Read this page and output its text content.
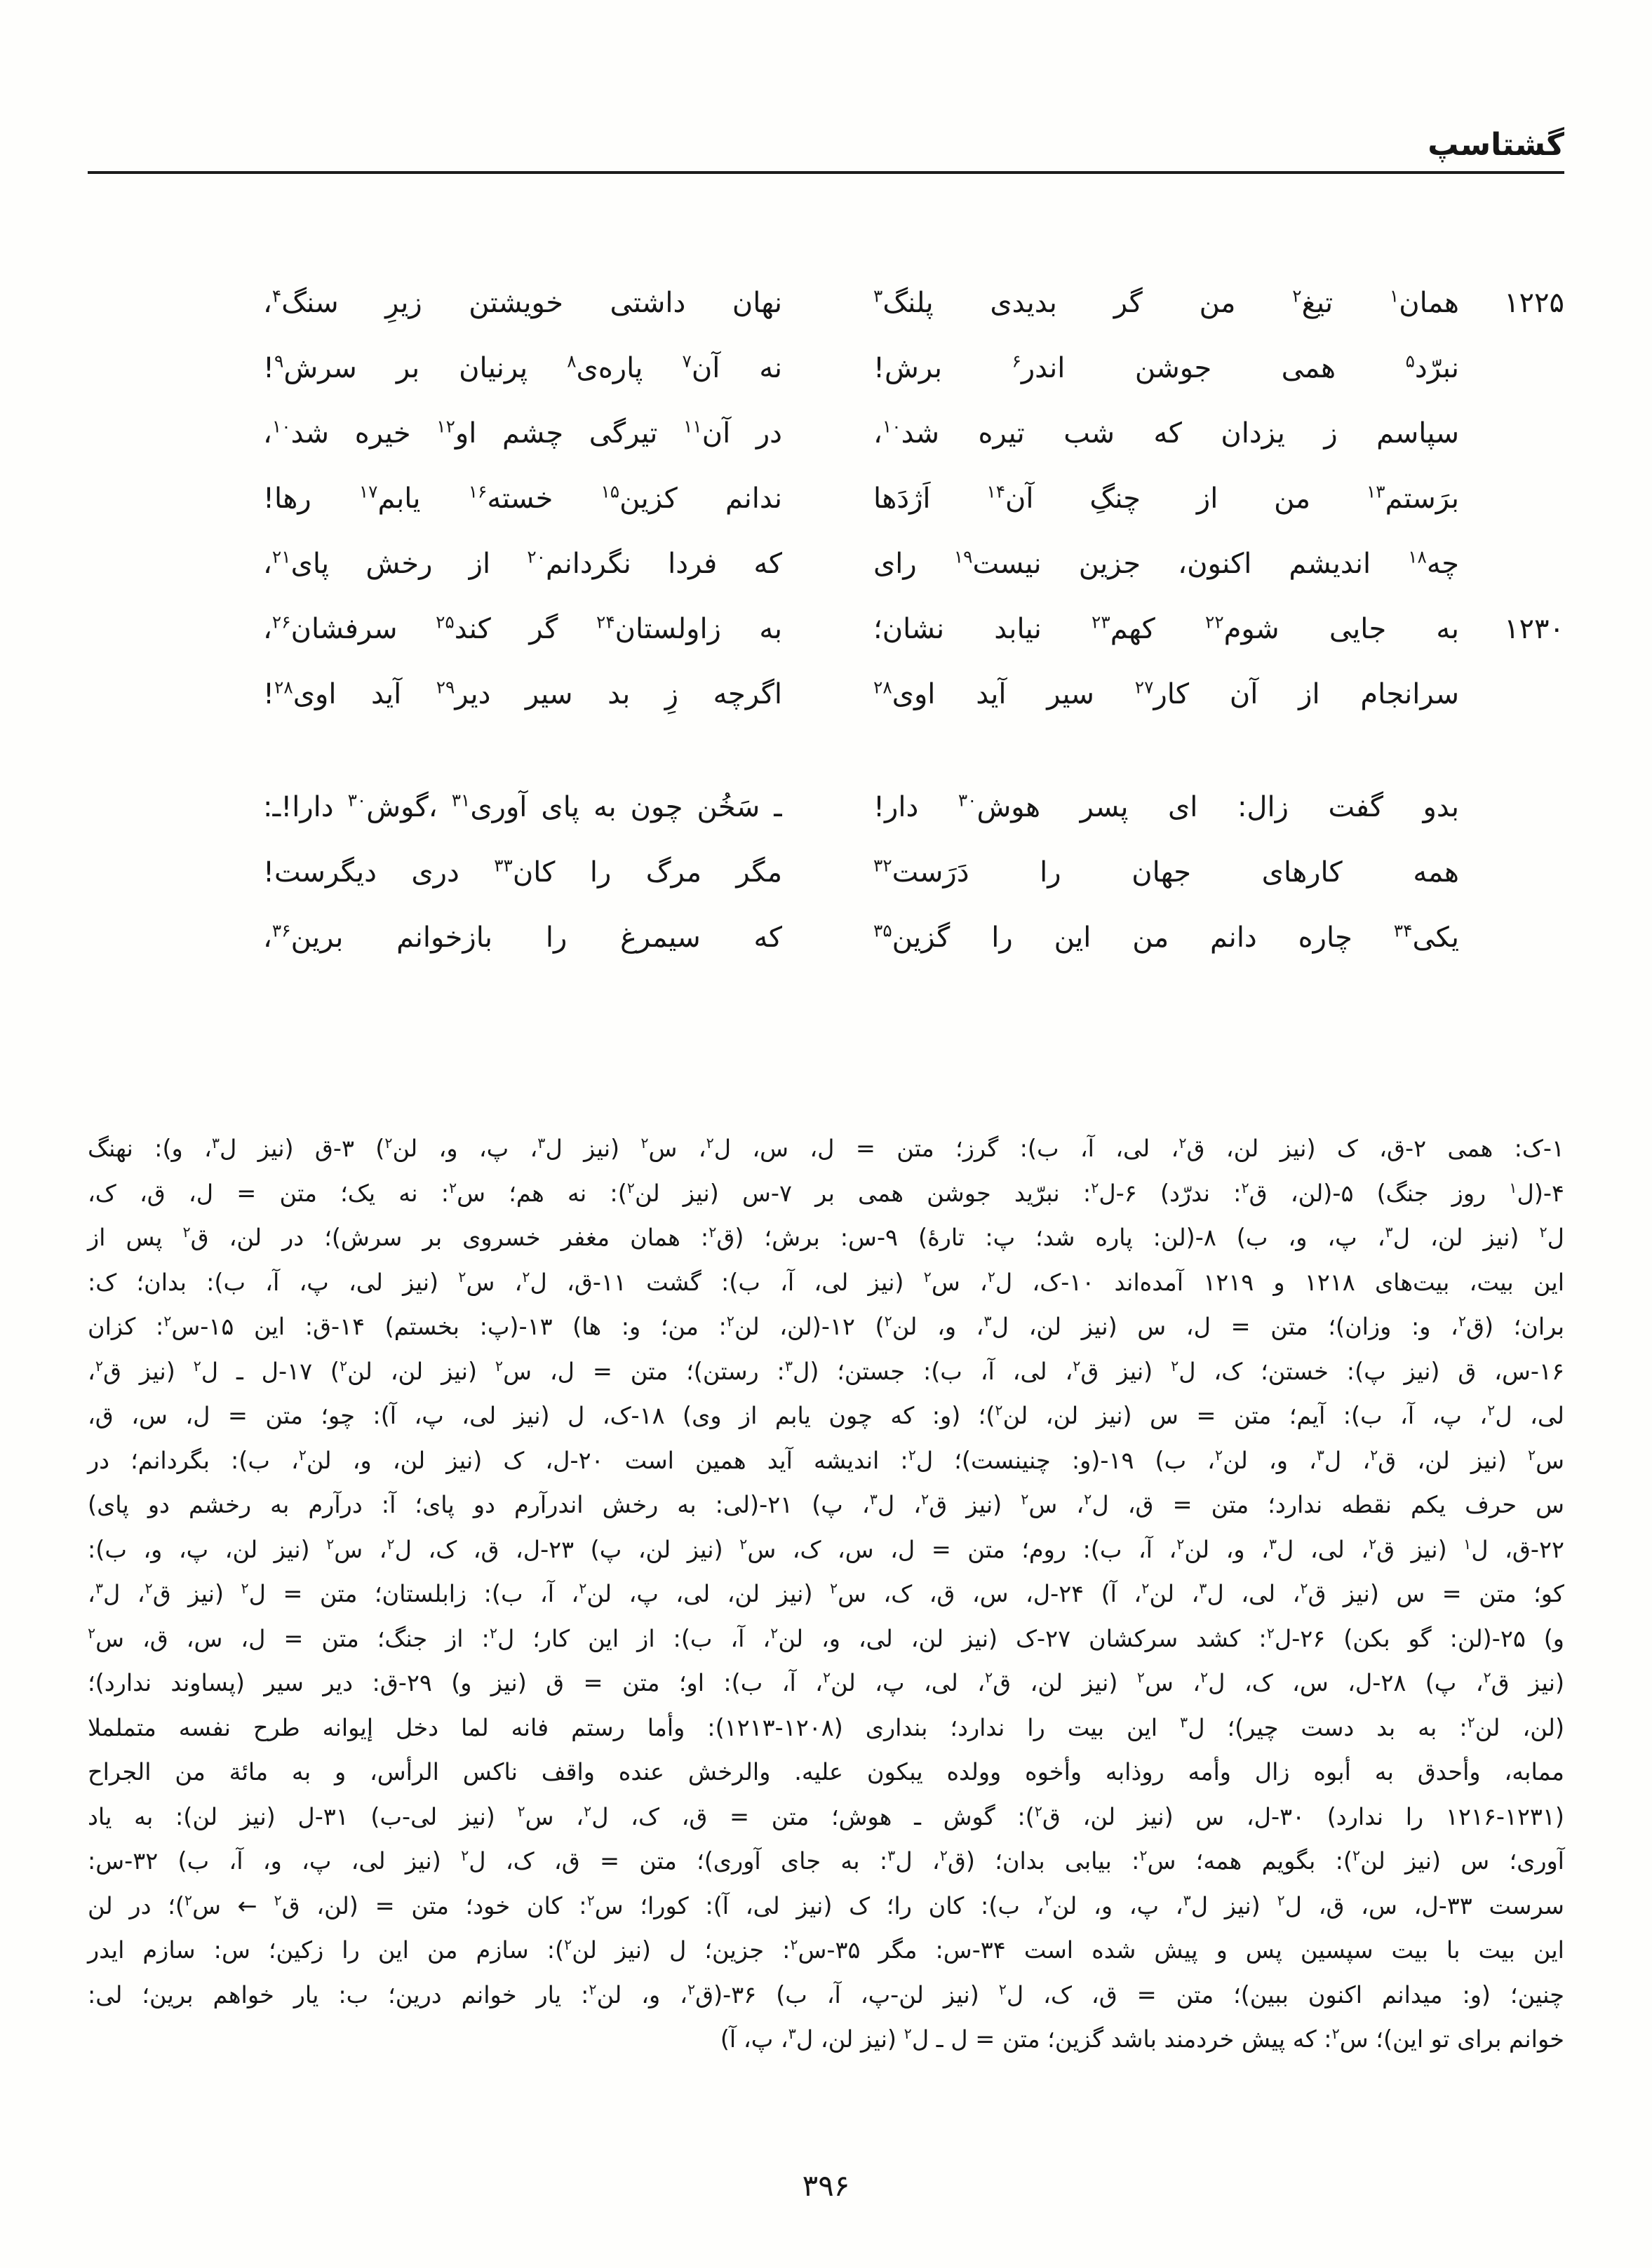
گشتاسپ
۱۲۲۵

همان$^۱$ تیغ$^۲$ من گر بدیدی پلنگ$^۳$

نهان داشتی خویشتن زیرِ سنگ$^۴$،

نبرّد$^۵$ همی جوشن اندر$^۶$ برش!

نه آن$^۷$ پاره‌ی$^۸$ پرنیان بر سرش$^۹$!

سپاسم ز یزدان که شب تیره شد$^{۱۰}$،

در آن$^{۱۱}$ تیرگی چشم او$^{۱۲}$ خیره شد$^{۱۰}$،

برَستم$^{۱۳}$ من از چنگِ آن$^{۱۴}$ اَژدَها

ندانم کزین$^{۱۵}$ خسته$^{۱۶}$ یابم$^{۱۷}$ رها!

چه$^{۱۸}$ اندیشم اکنون، جزین نیست$^{۱۹}$ رای

که فردا نگردانم$^{۲۰}$ از رخش پای$^{۲۱}$،

۱۲۳۰

به جایی شوم$^{۲۲}$ کهم$^{۲۳}$ نیابد نشان؛

به زاولستان$^{۲۴}$ گر کند$^{۲۵}$ سرفشان$^{۲۶}$،

سرانجام از آن کار$^{۲۷}$ سیر آید اوی$^{۲۸}$

اگرچه زِ بد سیر دیر$^{۲۹}$ آید اوی$^{۲۸}$!

بدو گفت زال: ای پسر هوش$^{۳۰}$ دار!

ـ سَخُن چون به پای آوری$^{۳۱}$ ،گوش$^{۳۰}$ دارا!ـ:

همه کارهای جهان را دَرَست$^{۳۲}$

مگر مرگ را کان$^{۳۳}$ دری دیگرست!

یکی$^{۳۴}$ چاره دانم من این را گزین$^{۳۵}$

که سیمرغ را بازخوانم برین$^{۳۶}$،

۱-ک: همی ۲-ق، ک (نیز لن، ق$^۲$، لی، آ، ب): گرز؛ متن = ل، س، ل$^۲$، س$^۲$ (نیز ل$^۳$، پ، و، لن$^۲$) ۳-ق (نیز ل$^۳$، و): نهنگ

۴-(ل$^۱$ روز جنگ) ۵-(لن، ق$^۲$: ندرّد) ۶-ل$^۲$: نبرّید جوشن همی بر ۷-س (نیز لن$^۲$): نه هم؛ س$^۲$: نه یک؛ متن = ل، ق، ک،

ل$^۲$ (نیز لن، ل$^۳$، پ، و، ب) ۸-(لن: پاره شد؛ پ: تارهٔ) ۹-س: برش؛ (ق$^۲$: همان مغفر خسروی بر سرش)؛ در لن، ق$^۲$ پس از

این بیت، بیت‌های ۱۲۱۸ و ۱۲۱۹ آمده‌اند ۱۰-ک، ل$^۲$، س$^۲$ (نیز لی، آ، ب): گشت ۱۱-ق، ل$^۲$، س$^۲$ (نیز لی، پ، آ، ب): بدان؛ ک:

بران؛ (ق$^۲$، و: وزان)؛ متن = ل، س (نیز لن، ل$^۳$، و، لن$^۲$) ۱۲-(لن، لن$^۲$: من؛ و: ها) ۱۳-(پ: بخستم) ۱۴-ق: این ۱۵-س$^۲$: کزان

۱۶-س، ق (نیز پ): خستن؛ ک، ل$^۲$ (نیز ق$^۲$، لی، آ، ب): جستن؛ (ل$^۳$: رستن)؛ متن = ل، س$^۲$ (نیز لن، لن$^۲$) ۱۷-ل ـ ل$^۲$ (نیز ق$^۲$،

لی، ل$^۲$، پ، آ، ب): آیم؛ متن = س (نیز لن، لن$^۲$)؛ (و: که چون یابم از وی) ۱۸-ک، ل (نیز لی، پ، آ): چو؛ متن = ل، س، ق،

س$^۲$ (نیز لن، ق$^۲$، ل$^۳$، و، لن$^۲$، ب) ۱۹-(و: چنینست)؛ ل$^۲$: اندیشه آید همین است ۲۰-ل، ک (نیز لن، و، لن$^۲$، ب): بگردانم؛ در

س حرف یکم نقطه ندارد؛ متن = ق، ل$^۲$، س$^۲$ (نیز ق$^۲$، ل$^۳$، پ) ۲۱-(لی: به رخش اندرآرم دو پای؛ آ: درآرم به رخشم دو پای)

۲۲-ق، ل$^۱$ (نیز ق$^۲$، لی، ل$^۳$، و، لن$^۲$، آ، ب): روم؛ متن = ل، س، ک، س$^۲$ (نیز لن، پ) ۲۳-ل، ق، ک، ل$^۲$، س$^۲$ (نیز لن، پ، و، ب):

کو؛ متن = س (نیز ق$^۲$، لی، ل$^۳$، لن$^۲$، آ) ۲۴-ل، س، ق، ک، س$^۲$ (نیز لن، لی، پ، لن$^۲$، آ، ب): زابلستان؛ متن = ل$^۲$ (نیز ق$^۲$، ل$^۳$،

و) ۲۵-(لن: گو بکن) ۲۶-ل$^۲$: کشد سرکشان ۲۷-ک (نیز لن، لی، و، لن$^۲$، آ، ب): از این کار؛ ل$^۲$: از جنگ؛ متن = ل، س، ق، س$^۲$

(نیز ق$^۲$، پ) ۲۸-ل، س، ک، ل$^۲$، س$^۲$ (نیز لن، ق$^۲$، لی، پ، لن$^۲$، آ، ب): او؛ متن = ق (نیز و) ۲۹-ق: دیر سیر (پساوند ندارد)؛

(لن، لن$^۲$: به بد دست چیر)؛ ل$^۳$ این بیت را ندارد؛ بنداری (۱۲۰۸-۱۲۱۳): وأما رستم فانه لما دخل إیوانه طرح نفسه متململا

ممابه، وأحدق به أبوه زال وأمه روذابه وأخوه وولده یبکون علیه. والرخش عنده واقف ناکس الرأس، و به مائة من الجراح

(۱۲۱۶-۱۲۳۱ را ندارد) ۳۰-ل، س (نیز لن، ق$^۲$): گوش ـ هوش؛ متن = ق، ک، ل$^۲$، س$^۲$ (نیز لی-ب) ۳۱-ل (نیز لن): به یاد

آوری؛ س (نیز لن$^۲$): بگویم همه؛ س$^۲$: بیابی بدان؛ (ق$^۲$، ل$^۳$: به جای آوری)؛ متن = ق، ک، ل$^۲$ (نیز لی، پ، و، آ، ب) ۳۲-س:

سرست ۳۳-ل، س، ق، ل$^۲$ (نیز ل$^۳$، پ، و، لن$^۲$، ب): کان را؛ ک (نیز لی، آ): کورا؛ س$^۲$: کان خود؛ متن = (لن، ق$^۲$ ← س$^۲$)؛ در لن

این بیت با بیت سپسین پس و پیش شده است ۳۴-س: مگر ۳۵-س$^۲$: جزین؛ ل (نیز لن$^۲$): سازم من این را زکین؛ س: سازم ایدر

چنین؛ (و: میدانم اکنون ببین)؛ متن = ق، ک، ل$^۲$ (نیز لن-پ، آ، ب) ۳۶-(ق$^۲$، و، لن$^۲$: یار خوانم درین؛ ب: یار خواهم برین؛ لی:

خوانم برای تو این)؛ س$^۲$: که پیش خردمند باشد گزین؛ متن = ل ـ ل$^۲$ (نیز لن، ل$^۳$، پ، آ)

۳۹۶
